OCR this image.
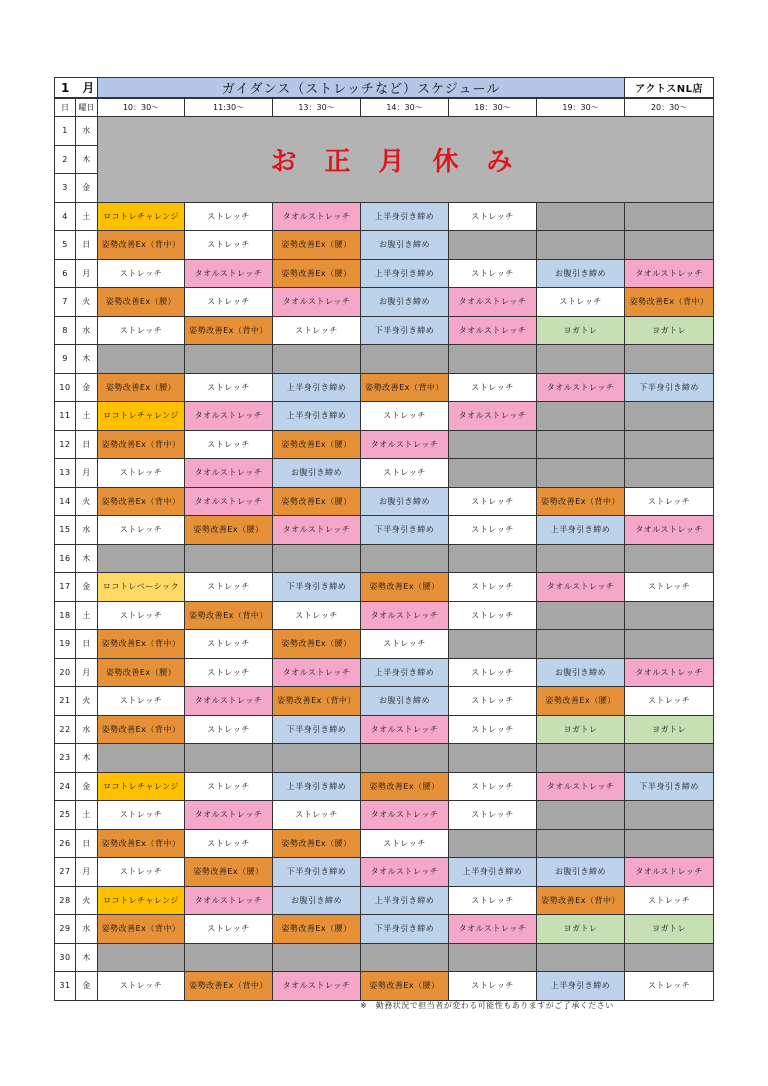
1　月		ガイダンス（ストレッチなど）スケジュール						アクトスNL店
日	曜日	10：30～	11:30～	13：30～	14：30～	18：30～	19：30～	20：30～
1	水	お正月休み						
2	木							
3	金							
4	土	ロコトレチャレンジ	ストレッチ	タオルストレッチ	上半身引き締め	ストレッチ		
5	日	姿勢改善Ex（背中）	ストレッチ	姿勢改善Ex（腰）	お腹引き締め			
6	月	ストレッチ	タオルストレッチ	姿勢改善Ex（腰）	上半身引き締め	ストレッチ	お腹引き締め	タオルストレッチ
7	火	姿勢改善Ex（腰）	ストレッチ	タオルストレッチ	お腹引き締め	タオルストレッチ	ストレッチ	姿勢改善Ex（背中）
8	水	ストレッチ	姿勢改善Ex（背中）	ストレッチ	下半身引き締め	タオルストレッチ	ヨガトレ	ヨガトレ
9	木							
10	金	姿勢改善Ex（腰）	ストレッチ	上半身引き締め	姿勢改善Ex（背中）	ストレッチ	タオルストレッチ	下半身引き締め
11	土	ロコトレチャレンジ	タオルストレッチ	上半身引き締め	ストレッチ	タオルストレッチ		
12	日	姿勢改善Ex（背中）	ストレッチ	姿勢改善Ex（腰）	タオルストレッチ			
13	月	ストレッチ	タオルストレッチ	お腹引き締め	ストレッチ			
14	火	姿勢改善Ex（背中）	タオルストレッチ	姿勢改善Ex（腰）	お腹引き締め	ストレッチ	姿勢改善Ex（背中）	ストレッチ
15	水	ストレッチ	姿勢改善Ex（腰）	タオルストレッチ	下半身引き締め	ストレッチ	上半身引き締め	タオルストレッチ
16	木							
17	金	ロコトレベーシック	ストレッチ	下半身引き締め	姿勢改善Ex（腰）	ストレッチ	タオルストレッチ	ストレッチ
18	土	ストレッチ	姿勢改善Ex（背中）	ストレッチ	タオルストレッチ	ストレッチ		
19	日	姿勢改善Ex（背中）	ストレッチ	姿勢改善Ex（腰）	ストレッチ			
20	月	姿勢改善Ex（腰）	ストレッチ	タオルストレッチ	上半身引き締め	ストレッチ	お腹引き締め	タオルストレッチ
21	火	ストレッチ	タオルストレッチ	姿勢改善Ex（背中）	お腹引き締め	ストレッチ	姿勢改善Ex（腰）	ストレッチ
22	水	姿勢改善Ex（背中）	ストレッチ	下半身引き締め	タオルストレッチ	ストレッチ	ヨガトレ	ヨガトレ
23	木							
24	金	ロコトレチャレンジ	ストレッチ	上半身引き締め	姿勢改善Ex（腰）	ストレッチ	タオルストレッチ	下半身引き締め
25	土	ストレッチ	タオルストレッチ	ストレッチ	タオルストレッチ	ストレッチ		
26	日	姿勢改善Ex（背中）	ストレッチ	姿勢改善Ex（腰）	ストレッチ			
27	月	ストレッチ	姿勢改善Ex（腰）	下半身引き締め	タオルストレッチ	上半身引き締め	お腹引き締め	タオルストレッチ
28	火	ロコトレチャレンジ	タオルストレッチ	お腹引き締め	上半身引き締め	ストレッチ	姿勢改善Ex（背中）	ストレッチ
29	水	姿勢改善Ex（背中）	ストレッチ	姿勢改善Ex（腰）	下半身引き締め	タオルストレッチ	ヨガトレ	ヨガトレ
30	木							
31	金	ストレッチ	姿勢改善Ex（背中）	タオルストレッチ	姿勢改善Ex（腰）	ストレッチ	上半身引き締め	ストレッチ
※　勤務状況で担当者が変わる可能性もありますがご了承ください
